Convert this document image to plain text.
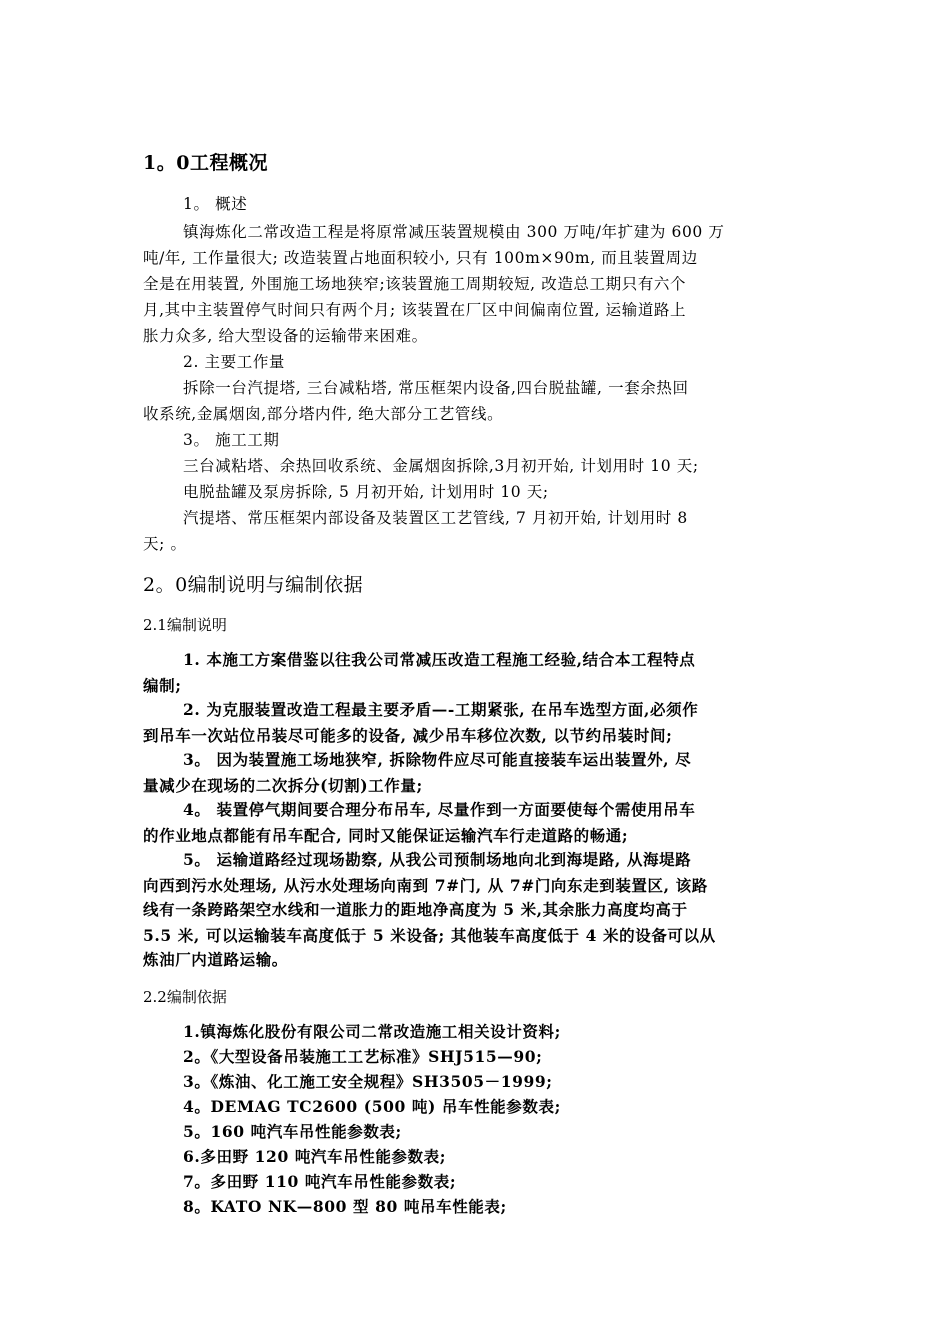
1。0工程概况
1。 概述
镇海炼化二常改造工程是将原常减压装置规模由 300 万吨/年扩建为 600 万
吨/年, 工作量很大; 改造装置占地面积较小, 只有 100m×90m, 而且装置周边
全是在用装置, 外围施工场地狭窄;该装置施工周期较短, 改造总工期只有六个
月,其中主装置停气时间只有两个月; 该装置在厂区中间偏南位置, 运输道路上
胀力众多, 给大型设备的运输带来困难。
2. 主要工作量
拆除一台汽提塔, 三台减粘塔, 常压框架内设备,四台脱盐罐, 一套余热回
收系统,金属烟囱,部分塔内件, 绝大部分工艺管线。
3。 施工工期
三台减粘塔、余热回收系统、金属烟囱拆除,3月初开始, 计划用时 10 天;
电脱盐罐及泵房拆除, 5 月初开始, 计划用时 10 天;
汽提塔、常压框架内部设备及装置区工艺管线, 7 月初开始, 计划用时 8
天; 。
2。0编制说明与编制依据
2.1编制说明
1. 本施工方案借鉴以往我公司常减压改造工程施工经验,结合本工程特点
编制;
2. 为克服装置改造工程最主要矛盾—-工期紧张, 在吊车选型方面,必须作
到吊车一次站位吊装尽可能多的设备, 减少吊车移位次数, 以节约吊装时间;
3。 因为装置施工场地狭窄, 拆除物件应尽可能直接装车运出装置外, 尽
量减少在现场的二次拆分(切割)工作量;
4。 装置停气期间要合理分布吊车, 尽量作到一方面要使每个需使用吊车
的作业地点都能有吊车配合, 同时又能保证运输汽车行走道路的畅通;
5。 运输道路经过现场勘察, 从我公司预制场地向北到海堤路, 从海堤路
向西到污水处理场, 从污水处理场向南到 7#门, 从 7#门向东走到装置区, 该路
线有一条跨路架空水线和一道胀力的距地净高度为 5 米,其余胀力高度均高于
5.5 米, 可以运输装车高度低于 5 米设备; 其他装车高度低于 4 米的设备可以从
炼油厂内道路运输。
2.2编制依据
1.镇海炼化股份有限公司二常改造施工相关设计资料;
2。《大型设备吊装施工工艺标准》SHJ515—90;
3。《炼油、化工施工安全规程》SH3505－1999;
4。DEMAG TC2600 (500 吨) 吊车性能参数表;
5。160 吨汽车吊性能参数表;
6.多田野 120 吨汽车吊性能参数表;
7。多田野 110 吨汽车吊性能参数表;
8。KATO NK—800 型 80 吨吊车性能表;
